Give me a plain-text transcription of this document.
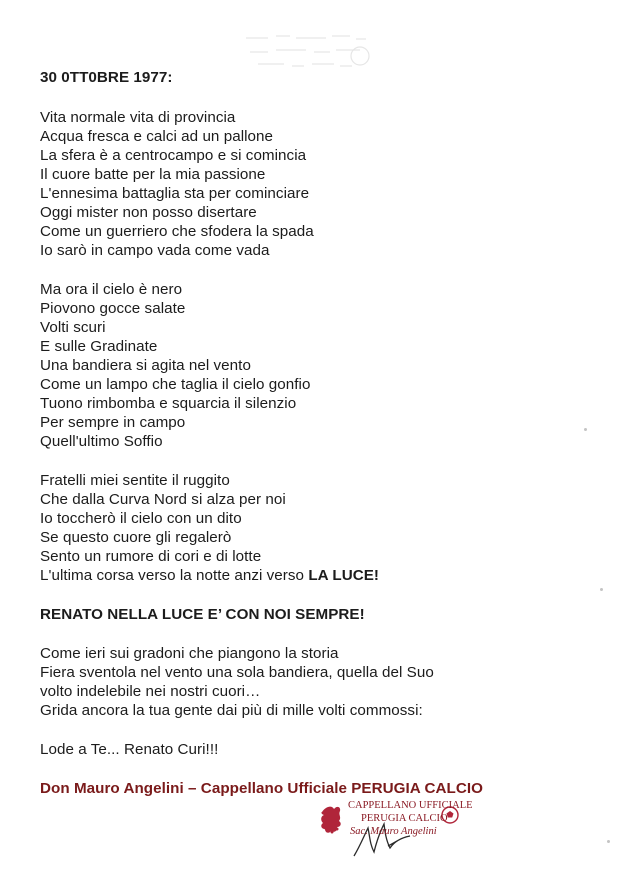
30 0TT0BRE 1977:
Vita normale vita di provincia
Acqua fresca e calci ad un pallone
La sfera è a centrocampo e si comincia
Il cuore batte per la mia passione
L'ennesima battaglia sta per cominciare
Oggi mister non posso disertare
Come un guerriero che sfodera la spada
Io sarò in campo vada come vada
Ma ora il cielo è nero
Piovono gocce salate
Volti scuri
E sulle Gradinate
Una bandiera si agita nel vento
Come un lampo che taglia il cielo gonfio
Tuono rimbomba e squarcia il silenzio
Per sempre in campo
Quell'ultimo Soffio
Fratelli miei sentite il ruggito
Che dalla Curva Nord si alza per noi
Io toccherò il cielo con un dito
Se questo cuore gli regalerò
Sento un rumore di cori e di lotte
L'ultima corsa verso la notte anzi verso LA LUCE!
RENATO NELLA LUCE E’ CON NOI SEMPRE!
Come ieri sui gradoni che piangono la storia
Fiera sventola nel vento una sola bandiera, quella del Suo
volto indelebile nei nostri cuori…
Grida ancora la tua gente dai più di mille volti commossi:
Lode a Te... Renato Curi!!!
Don Mauro Angelini – Cappellano Ufficiale PERUGIA CALCIO
CAPPELLANO UFFICIALE
PERUGIA CALCIO
Sac. Mauro Angelini
